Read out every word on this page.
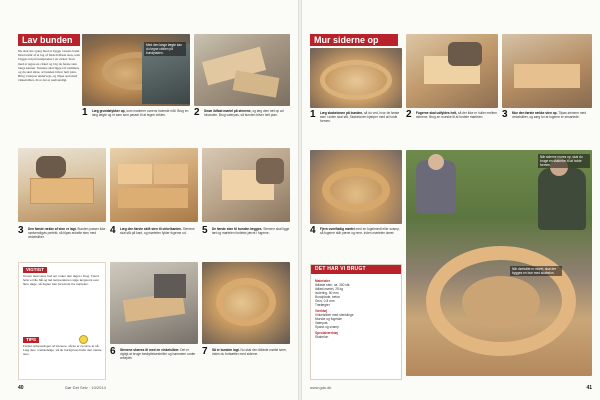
Lav bunden
Nu skal du i gang med at bygge ovnens bund. Den består af et lag af flade ildfaste sten, som lægges ud på bundpladen i en cirkel. Start med at tegne en cirkel og læg de første sten langs kanten. Stenene skal ligge tæt sammen, og du skal sikre, at bunden bliver helt plan. Brug vaterpas undervejs, og tilpas sten med vinkelsliber, hvor det er nødvendigt.
Med den lange lægte kan du tegne cirklen på bundpladen.
1 Læg grundstykker op, som markerer ovnens inderste mål. Brug en lang lægte og et søm som passer til at tegne cirklen.	2 Smør ildfast mørtel på stenene, og læg dem tæt op ad hinanden. Brug vaterpas, så bunden bliver helt plan.
3 Den første række af sten er lagt. Bunden passer ikke nødvendigvis perfekt, så tilpas enkelte sten med vinkelsliber.
4 Læg den første skift sten til cirkelkanten. Stenene skal stå på kant, og mørtelen fylder fugerne ud.	5 De første sten til bunden lægges. Stenene skal ligge tæt og mørtelen fordeles jævnt i fugerne.
VIGTIGT
Ovnen skal være helt tør, inden den tages i brug. Tænd først et lille bål og lad temperaturen stige langsomt over flere dage, så fugten kan forsvinde fra mørtelen.
TIPS
Fordel opbevaringen af stenene, så de er nemme at nå. Læg dem i rækkefølge, så du hurtigt kan finde den næste sten.	6 Stenene skæres til med en vinkelsliber. Det er vigtigt at bruge beskyttelsesbriller og høreværn under arbejdet.
7 Så er bunden lagt. Nu skal den ildfaste mørtel tørre, inden du fortsætter med siderne.
40	Gør Det Selv · 10/2014
Mur siderne op
1 Læg skabelonen på bunden, så du ved, hvor de første sten i siden skal stå. Skabelonen hjælper med at holde formen.
2 Fugerne skal udfyldes helt, så der ikke er huller mellem stenene. Brug en murske til at fordele mørtelen.	3 Mur den første række sten op. Tilpas stenene med vinkelsliber, og sørg for at fugerne er ensartede.
4 Fjern overflødig mørtel med en fugebrædt eller svamp, så fugerne står pæne og rene, inden mørtelen tørrer.
Når siderne mures op, skal du bruge en skabelon til at holde formen.
Når dørhullet er muret, skal der bygges en bue med skabelon.
DET HAR VI BRUGT
Materialer
Ildfaste sten, ca. 300 stk.
Ildfast mørtel, 25 kg
Isolering, 50 mm
Bundplade, beton
Grus, 0-8 mm
Trælægter
Værktøj
Vinkelsliber med stenklinge
Murske og fugeske
Vaterpas
Spand og svamp
Specialværktøj
Skabelon
www.gds.dk	41
